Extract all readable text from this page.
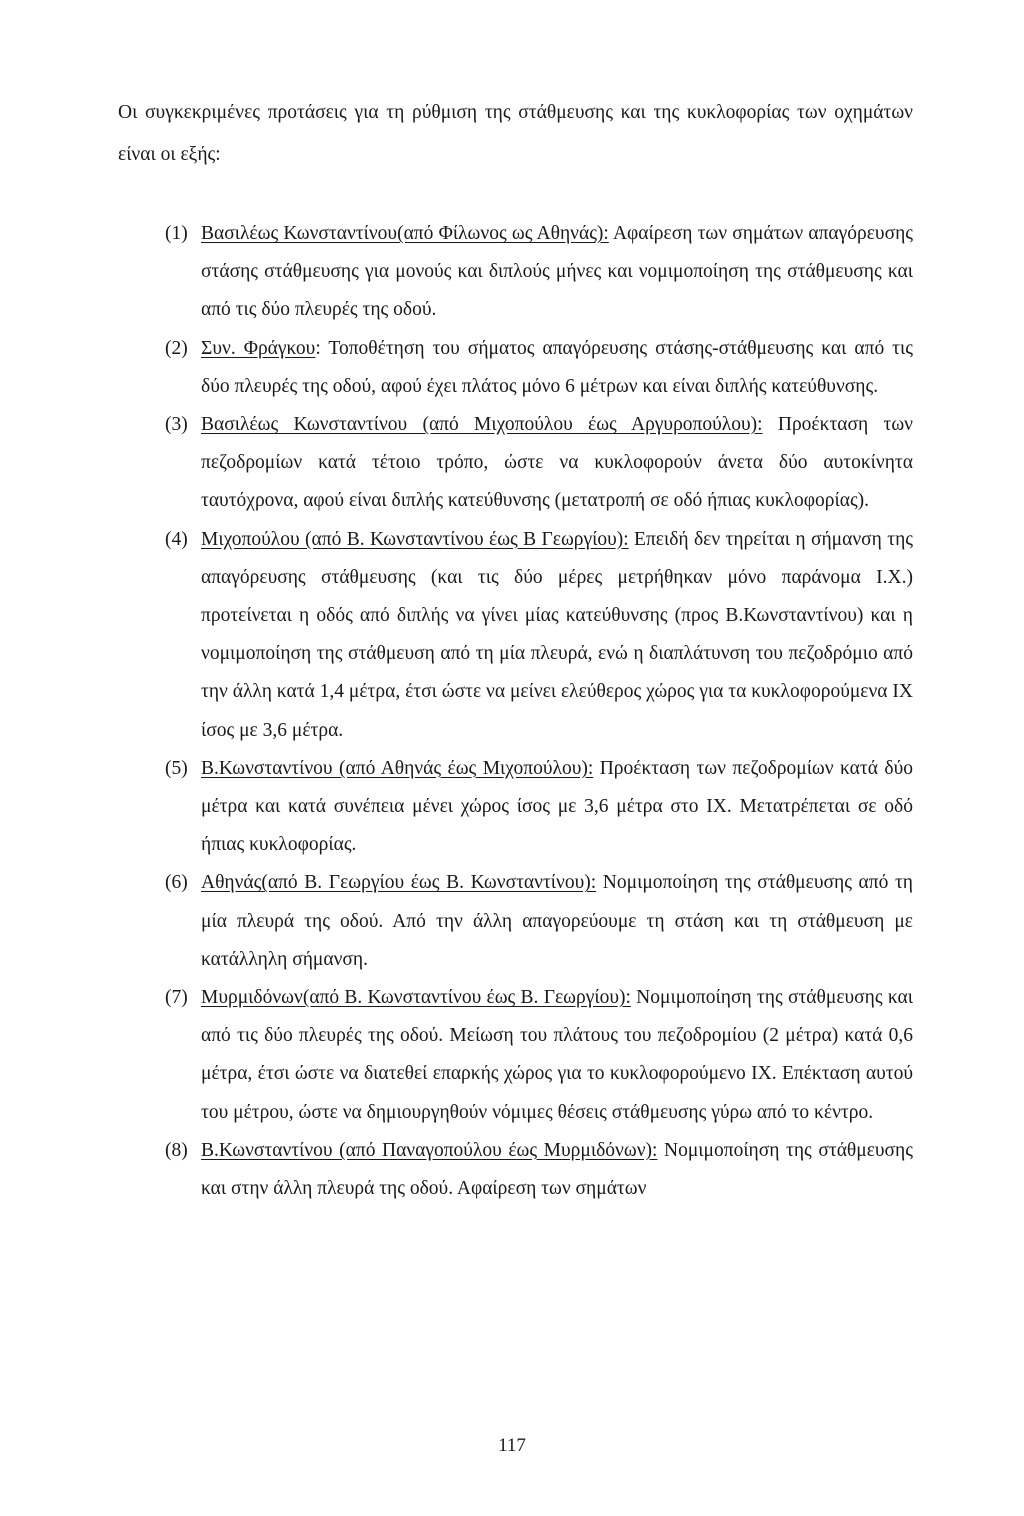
Οι συγκεκριμένες προτάσεις για τη ρύθμιση της στάθμευσης και της κυκλοφορίας των οχημάτων είναι οι εξής:
(1) Βασιλέως Κωνσταντίνου(από Φίλωνος ως Αθηνάς): Αφαίρεση των σημάτων απαγόρευσης στάσης στάθμευσης για μονούς και διπλούς μήνες και νομιμοποίηση της στάθμευσης και από τις δύο πλευρές της οδού.
(2) Συν. Φράγκου: Τοποθέτηση του σήματος απαγόρευσης στάσης-στάθμευσης και από τις δύο πλευρές της οδού, αφού έχει πλάτος μόνο 6 μέτρων και είναι διπλής κατεύθυνσης.
(3) Βασιλέως Κωνσταντίνου (από Μιχοπούλου έως Αργυροπούλου): Προέκταση των πεζοδρομίων κατά τέτοιο τρόπο, ώστε να κυκλοφορούν άνετα δύο αυτοκίνητα ταυτόχρονα, αφού είναι διπλής κατεύθυνσης (μετατροπή σε οδό ήπιας κυκλοφορίας).
(4) Μιχοπούλου (από Β. Κωνσταντίνου έως Β Γεωργίου): Επειδή δεν τηρείται η σήμανση της απαγόρευσης στάθμευσης (και τις δύο μέρες μετρήθηκαν μόνο παράνομα Ι.Χ.) προτείνεται η οδός από διπλής να γίνει μίας κατεύθυνσης (προς Β.Κωνσταντίνου) και η νομιμοποίηση της στάθμευση από τη μία πλευρά, ενώ η διαπλάτυνση του πεζοδρόμιο από την άλλη κατά 1,4 μέτρα, έτσι ώστε να μείνει ελεύθερος χώρος για τα κυκλοφορούμενα ΙΧ ίσος με 3,6 μέτρα.
(5) Β.Κωνσταντίνου (από Αθηνάς έως Μιχοπούλου): Προέκταση των πεζοδρομίων κατά δύο μέτρα και κατά συνέπεια μένει χώρος ίσος με 3,6 μέτρα στο ΙΧ. Μετατρέπεται σε οδό ήπιας κυκλοφορίας.
(6) Αθηνάς(από Β. Γεωργίου έως Β. Κωνσταντίνου): Νομιμοποίηση της στάθμευσης από τη μία πλευρά της οδού. Από την άλλη απαγορεύουμε τη στάση και τη στάθμευση με κατάλληλη σήμανση.
(7) Μυρμιδόνων(από Β. Κωνσταντίνου έως Β. Γεωργίου): Νομιμοποίηση της στάθμευσης και από τις δύο πλευρές της οδού. Μείωση του πλάτους του πεζοδρομίου (2 μέτρα) κατά 0,6 μέτρα, έτσι ώστε να διατεθεί επαρκής χώρος για το κυκλοφορούμενο ΙΧ. Επέκταση αυτού του μέτρου, ώστε να δημιουργηθούν νόμιμες θέσεις στάθμευσης γύρω από το κέντρο.
(8) Β.Κωνσταντίνου (από Παναγοπούλου έως Μυρμιδόνων): Νομιμοποίηση της στάθμευσης και στην άλλη πλευρά της οδού. Αφαίρεση των σημάτων
117
